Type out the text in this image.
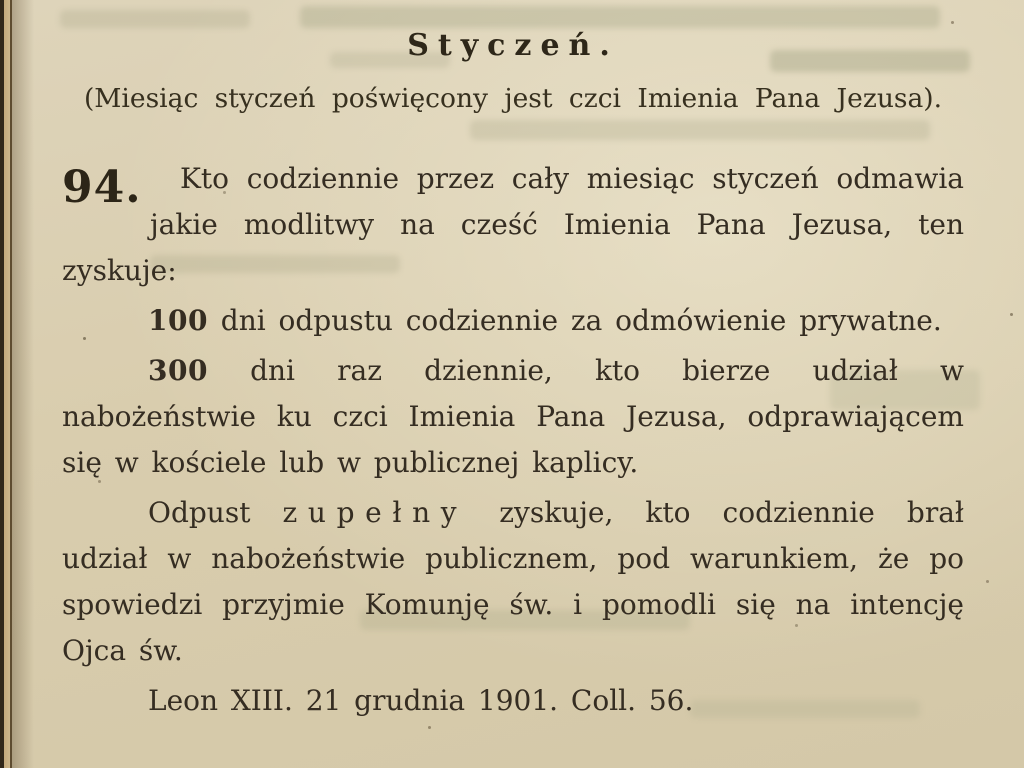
Styczeń.

(Miesiąc styczeń poświęcony jest czci Imienia Pana Jezusa).

94.	Kto codziennie przez cały miesiąc styczeń odmawia jakie modlitwy na cześć Imienia Pana Jezusa, ten zyskuje:

100 dni odpustu codziennie za odmówienie prywatne.

300 dni raz dziennie, kto bierze udział w nabożeństwie ku czci Imienia Pana Jezusa, odprawiającem się w kościele lub w publicznej kaplicy.

Odpust zupełny zyskuje, kto codziennie brał udział w nabożeństwie publicznem, pod warunkiem, że po spowiedzi przyjmie Komunję św. i pomodli się na intencję Ojca św.

Leon XIII. 21 grudnia 1901. Coll. 56.
